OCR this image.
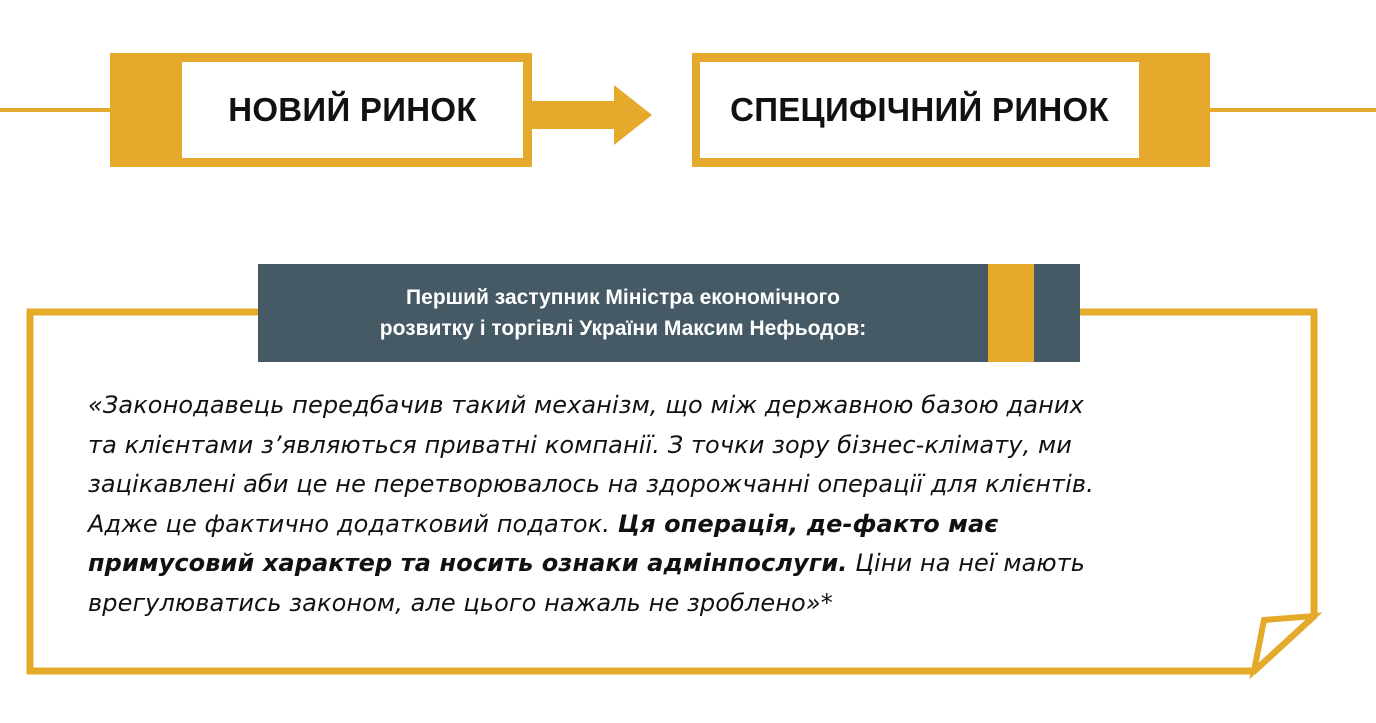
НОВИЙ РИНОК	СПЕЦИФІЧНИЙ РИНОК
Перший заступник Міністра економічного
розвитку і торгівлі України Максим Нефьодов:
«Законодавець передбачив такий механізм, що між державною базою даних
та клієнтами з’являються приватні компанії. З точки зору бізнес-клімату, ми
зацікавлені аби це не перетворювалось на здорожчанні операції для клієнтів.
Адже це фактично додатковий податок. Ця операція, де-факто має
примусовий характер та носить ознаки адмінпослуги. Ціни на неї мають
врегулюватись законом, але цього нажаль не зроблено»*
